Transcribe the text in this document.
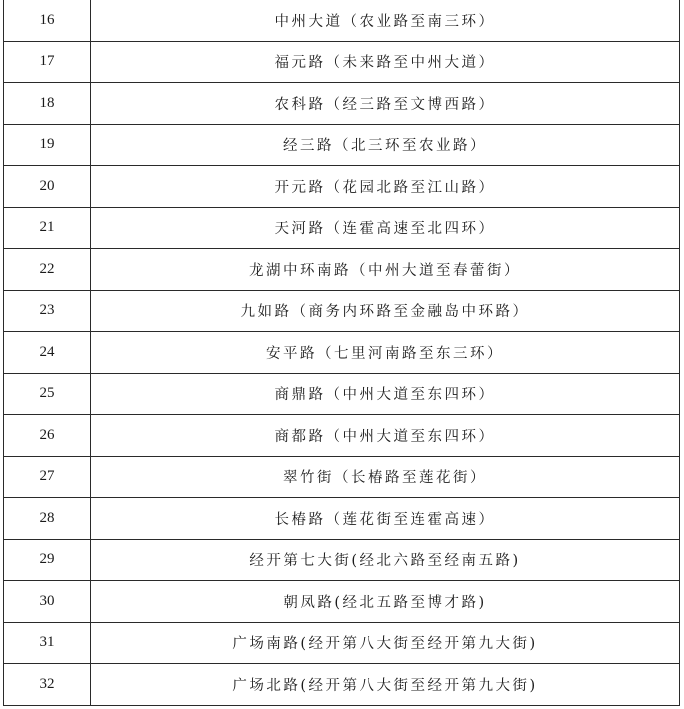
16	中州大道（农业路至南三环）
17	福元路（未来路至中州大道）
18	农科路（经三路至文博西路）
19	经三路（北三环至农业路）
20	开元路（花园北路至江山路）
21	天河路（连霍高速至北四环）
22	龙湖中环南路（中州大道至春蕾街）
23	九如路（商务内环路至金融岛中环路）
24	安平路（七里河南路至东三环）
25	商鼎路（中州大道至东四环）
26	商都路（中州大道至东四环）
27	翠竹街（长椿路至莲花街）
28	长椿路（莲花街至连霍高速）
29	经开第七大街(经北六路至经南五路)
30	朝凤路(经北五路至博才路)
31	广场南路(经开第八大街至经开第九大街)
32	广场北路(经开第八大街至经开第九大街)
